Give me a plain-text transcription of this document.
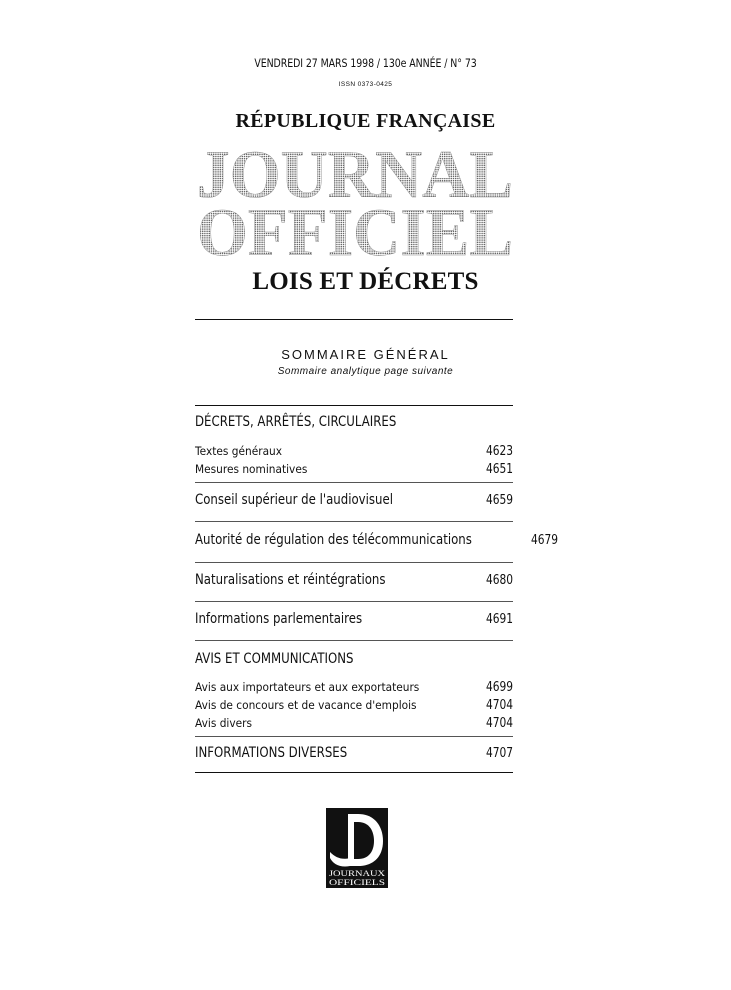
VENDREDI 27 MARS 1998 / 130e ANNÉE / N° 73
ISSN 0373-0425
RÉPUBLIQUE FRANÇAISE
JOURNAL
OFFICIEL
LOIS ET DÉCRETS
SOMMAIRE GÉNÉRAL
Sommaire analytique page suivante
DÉCRETS, ARRÊTÉS, CIRCULAIRES
Textes généraux	4623
Mesures nominatives	4651
Conseil supérieur de l'audiovisuel	4659
Autorité de régulation des télécommunications	4679
Naturalisations et réintégrations	4680
Informations parlementaires	4691
AVIS ET COMMUNICATIONS
Avis aux importateurs et aux exportateurs	4699
Avis de concours et de vacance d'emplois	4704
Avis divers	4704
INFORMATIONS DIVERSES	4707
JOURNAUX
OFFICIELS
